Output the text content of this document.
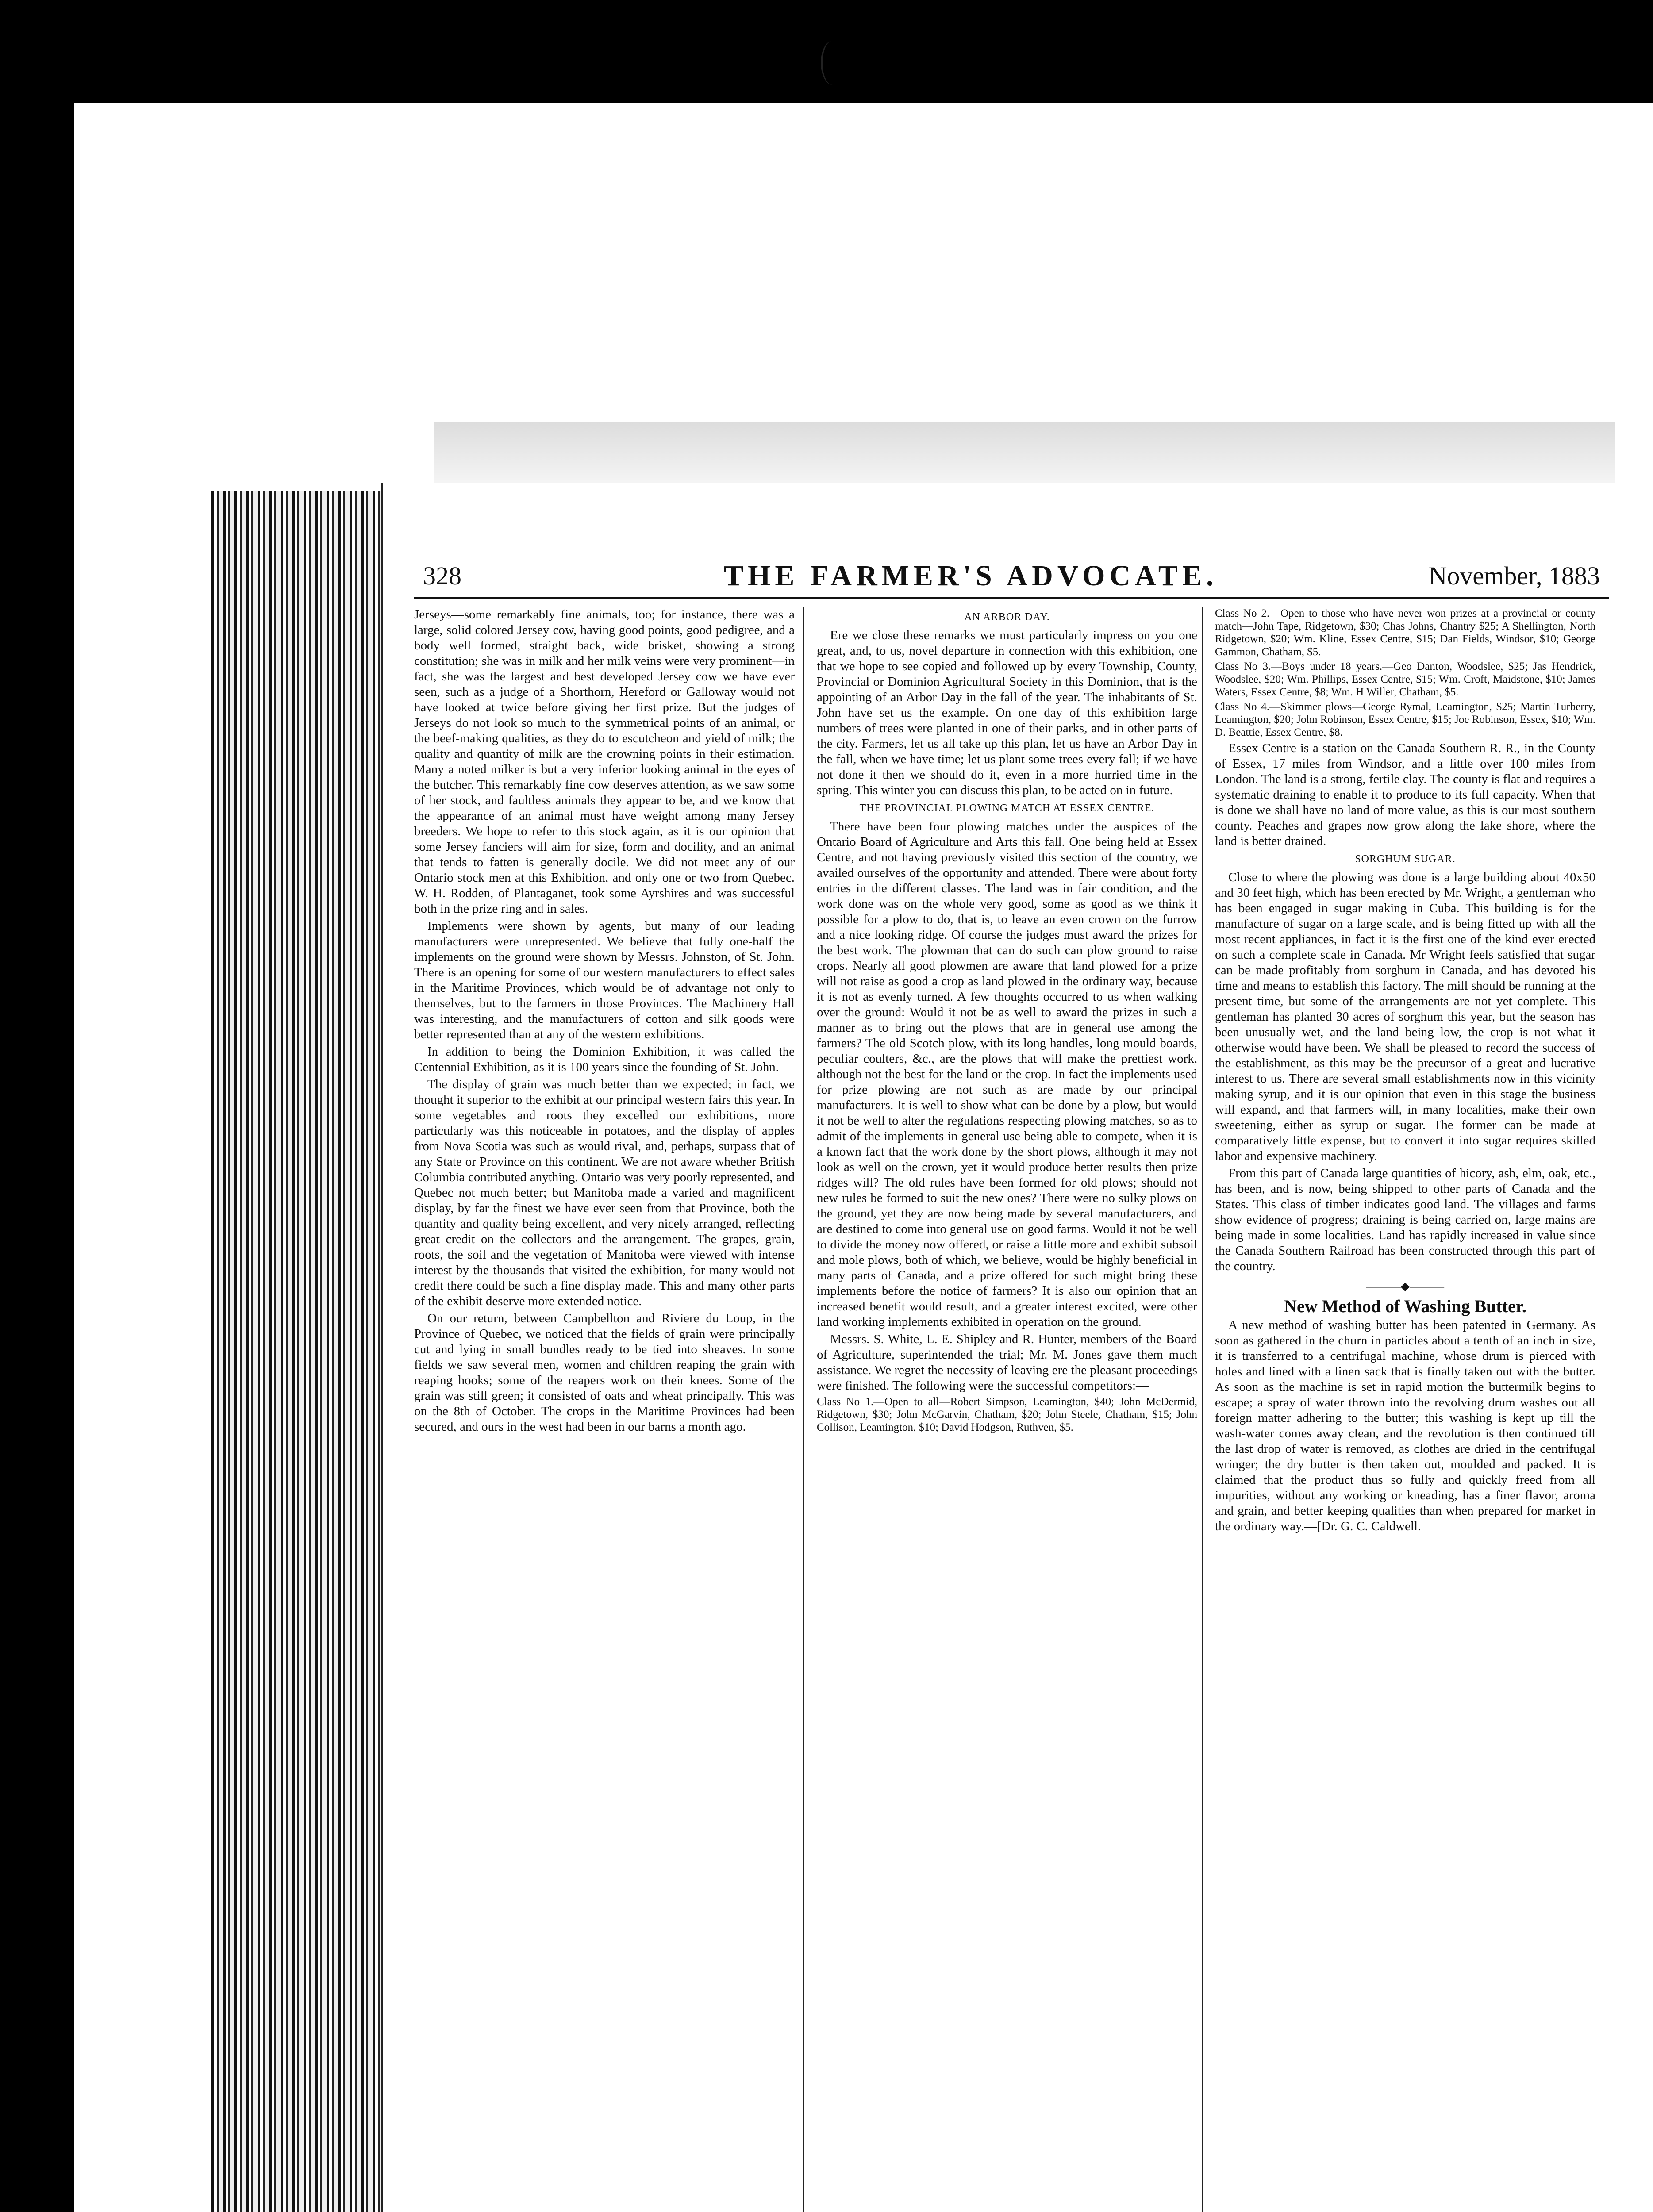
328	THE FARMER'S ADVOCATE.	November, 1883

Jerseys—some remarkably fine animals, too; for instance, there was a large, solid colored Jersey cow, having good points, good pedigree, and a body well formed, straight back, wide brisket, showing a strong constitution; she was in milk and her milk veins were very prominent—in fact, she was the largest and best developed Jersey cow we have ever seen, such as a judge of a Shorthorn, Hereford or Galloway would not have looked at twice before giving her first prize. But the judges of Jerseys do not look so much to the symmetrical points of an animal, or the beef-making qualities, as they do to escutcheon and yield of milk; the quality and quantity of milk are the crowning points in their estimation. Many a noted milker is but a very inferior looking animal in the eyes of the butcher. This remarkably fine cow deserves attention, as we saw some of her stock, and faultless animals they appear to be, and we know that the appearance of an animal must have weight among many Jersey breeders. We hope to refer to this stock again, as it is our opinion that some Jersey fanciers will aim for size, form and docility, and an animal that tends to fatten is generally docile. We did not meet any of our Ontario stock men at this Exhibition, and only one or two from Quebec. W. H. Rodden, of Plantaganet, took some Ayrshires and was successful both in the prize ring and in sales.

Implements were shown by agents, but many of our leading manufacturers were unrepresented. We believe that fully one-half the implements on the ground were shown by Messrs. Johnston, of St. John. There is an opening for some of our western manufacturers to effect sales in the Maritime Provinces, which would be of advantage not only to themselves, but to the farmers in those Provinces. The Machinery Hall was interesting, and the manufacturers of cotton and silk goods were better represented than at any of the western exhibitions.

In addition to being the Dominion Exhibition, it was called the Centennial Exhibition, as it is 100 years since the founding of St. John.

The display of grain was much better than we expected; in fact, we thought it superior to the exhibit at our principal western fairs this year. In some vegetables and roots they excelled our exhibitions, more particularly was this noticeable in potatoes, and the display of apples from Nova Scotia was such as would rival, and, perhaps, surpass that of any State or Province on this continent. We are not aware whether British Columbia contributed anything. Ontario was very poorly represented, and Quebec not much better; but Manitoba made a varied and magnificent display, by far the finest we have ever seen from that Province, both the quantity and quality being excellent, and very nicely arranged, reflecting great credit on the collectors and the arrangement. The grapes, grain, roots, the soil and the vegetation of Manitoba were viewed with intense interest by the thousands that visited the exhibition, for many would not credit there could be such a fine display made. This and many other parts of the exhibit deserve more extended notice.

On our return, between Campbellton and Riviere du Loup, in the Province of Quebec, we noticed that the fields of grain were principally cut and lying in small bundles ready to be tied into sheaves. In some fields we saw several men, women and children reaping the grain with reaping hooks; some of the reapers work on their knees. Some of the grain was still green; it consisted of oats and wheat principally. This was on the 8th of October. The crops in the Maritime Provinces had been secured, and ours in the west had been in our barns a month ago.

AN ARBOR DAY.

Ere we close these remarks we must particularly impress on you one great, and, to us, novel departure in connection with this exhibition, one that we hope to see copied and followed up by every Township, County, Provincial or Dominion Agricultural Society in this Dominion, that is the appointing of an Arbor Day in the fall of the year. The inhabitants of St. John have set us the example. On one day of this exhibition large numbers of trees were planted in one of their parks, and in other parts of the city. Farmers, let us all take up this plan, let us have an Arbor Day in the fall, when we have time; let us plant some trees every fall; if we have not done it then we should do it, even in a more hurried time in the spring. This winter you can discuss this plan, to be acted on in future.

THE PROVINCIAL PLOWING MATCH AT ESSEX CENTRE.

There have been four plowing matches under the auspices of the Ontario Board of Agriculture and Arts this fall. One being held at Essex Centre, and not having previously visited this section of the country, we availed ourselves of the opportunity and attended. There were about forty entries in the different classes. The land was in fair condition, and the work done was on the whole very good, some as good as we think it possible for a plow to do, that is, to leave an even crown on the furrow and a nice looking ridge. Of course the judges must award the prizes for the best work. The plowman that can do such can plow ground to raise crops. Nearly all good plowmen are aware that land plowed for a prize will not raise as good a crop as land plowed in the ordinary way, because it is not as evenly turned. A few thoughts occurred to us when walking over the ground: Would it not be as well to award the prizes in such a manner as to bring out the plows that are in general use among the farmers? The old Scotch plow, with its long handles, long mould boards, peculiar coulters, &c., are the plows that will make the prettiest work, although not the best for the land or the crop. In fact the implements used for prize plowing are not such as are made by our principal manufacturers. It is well to show what can be done by a plow, but would it not be well to alter the regulations respecting plowing matches, so as to admit of the implements in general use being able to compete, when it is a known fact that the work done by the short plows, although it may not look as well on the crown, yet it would produce better results then prize ridges will? The old rules have been formed for old plows; should not new rules be formed to suit the new ones? There were no sulky plows on the ground, yet they are now being made by several manufacturers, and are destined to come into general use on good farms. Would it not be well to divide the money now offered, or raise a little more and exhibit subsoil and mole plows, both of which, we believe, would be highly beneficial in many parts of Canada, and a prize offered for such might bring these implements before the notice of farmers? It is also our opinion that an increased benefit would result, and a greater interest excited, were other land working implements exhibited in operation on the ground.

Messrs. S. White, L. E. Shipley and R. Hunter, members of the Board of Agriculture, superintended the trial; Mr. M. Jones gave them much assistance. We regret the necessity of leaving ere the pleasant proceedings were finished. The following were the successful competitors:—

Class No 1.—Open to all—Robert Simpson, Leamington, $40; John McDermid, Ridgetown, $30; John McGarvin, Chatham, $20; John Steele, Chatham, $15; John Collison, Leamington, $10; David Hodgson, Ruthven, $5.

Class No 2.—Open to those who have never won prizes at a provincial or county match—John Tape, Ridgetown, $30; Chas Johns, Chantry $25; A Shellington, North Ridgetown, $20; Wm. Kline, Essex Centre, $15; Dan Fields, Windsor, $10; George Gammon, Chatham, $5.

Class No 3.—Boys under 18 years.—Geo Danton, Woodslee, $25; Jas Hendrick, Woodslee, $20; Wm. Phillips, Essex Centre, $15; Wm. Croft, Maidstone, $10; James Waters, Essex Centre, $8; Wm. H Willer, Chatham, $5.

Class No 4.—Skimmer plows—George Rymal, Leamington, $25; Martin Turberry, Leamington, $20; John Robinson, Essex Centre, $15; Joe Robinson, Essex, $10; Wm. D. Beattie, Essex Centre, $8.

Essex Centre is a station on the Canada Southern R. R., in the County of Essex, 17 miles from Windsor, and a little over 100 miles from London. The land is a strong, fertile clay. The county is flat and requires a systematic draining to enable it to produce to its full capacity. When that is done we shall have no land of more value, as this is our most southern county. Peaches and grapes now grow along the lake shore, where the land is better drained.

SORGHUM SUGAR.

Close to where the plowing was done is a large building about 40x50 and 30 feet high, which has been erected by Mr. Wright, a gentleman who has been engaged in sugar making in Cuba. This building is for the manufacture of sugar on a large scale, and is being fitted up with all the most recent appliances, in fact it is the first one of the kind ever erected on such a complete scale in Canada. Mr Wright feels satisfied that sugar can be made profitably from sorghum in Canada, and has devoted his time and means to establish this factory. The mill should be running at the present time, but some of the arrangements are not yet complete. This gentleman has planted 30 acres of sorghum this year, but the season has been unusually wet, and the land being low, the crop is not what it otherwise would have been. We shall be pleased to record the success of the establishment, as this may be the precursor of a great and lucrative interest to us. There are several small establishments now in this vicinity making syrup, and it is our opinion that even in this stage the business will expand, and that farmers will, in many localities, make their own sweetening, either as syrup or sugar. The former can be made at comparatively little expense, but to convert it into sugar requires skilled labor and expensive machinery.

From this part of Canada large quantities of hicory, ash, elm, oak, etc., has been, and is now, being shipped to other parts of Canada and the States. This class of timber indicates good land. The villages and farms show evidence of progress; draining is being carried on, large mains are being made in some localities. Land has rapidly increased in value since the Canada Southern Railroad has been constructed through this part of the country.

———◆———
New Method of Washing Butter.

A new method of washing butter has been patented in Germany. As soon as gathered in the churn in particles about a tenth of an inch in size, it is transferred to a centrifugal machine, whose drum is pierced with holes and lined with a linen sack that is finally taken out with the butter. As soon as the machine is set in rapid motion the buttermilk begins to escape; a spray of water thrown into the revolving drum washes out all foreign matter adhering to the butter; this washing is kept up till the wash-water comes away clean, and the revolution is then continued till the last drop of water is removed, as clothes are dried in the centrifugal wringer; the dry butter is then taken out, moulded and packed. It is claimed that the product thus so fully and quickly freed from all impurities, without any working or kneading, has a finer flavor, aroma and grain, and better keeping qualities than when prepared for market in the ordinary way.—[Dr. G. C. Caldwell.
